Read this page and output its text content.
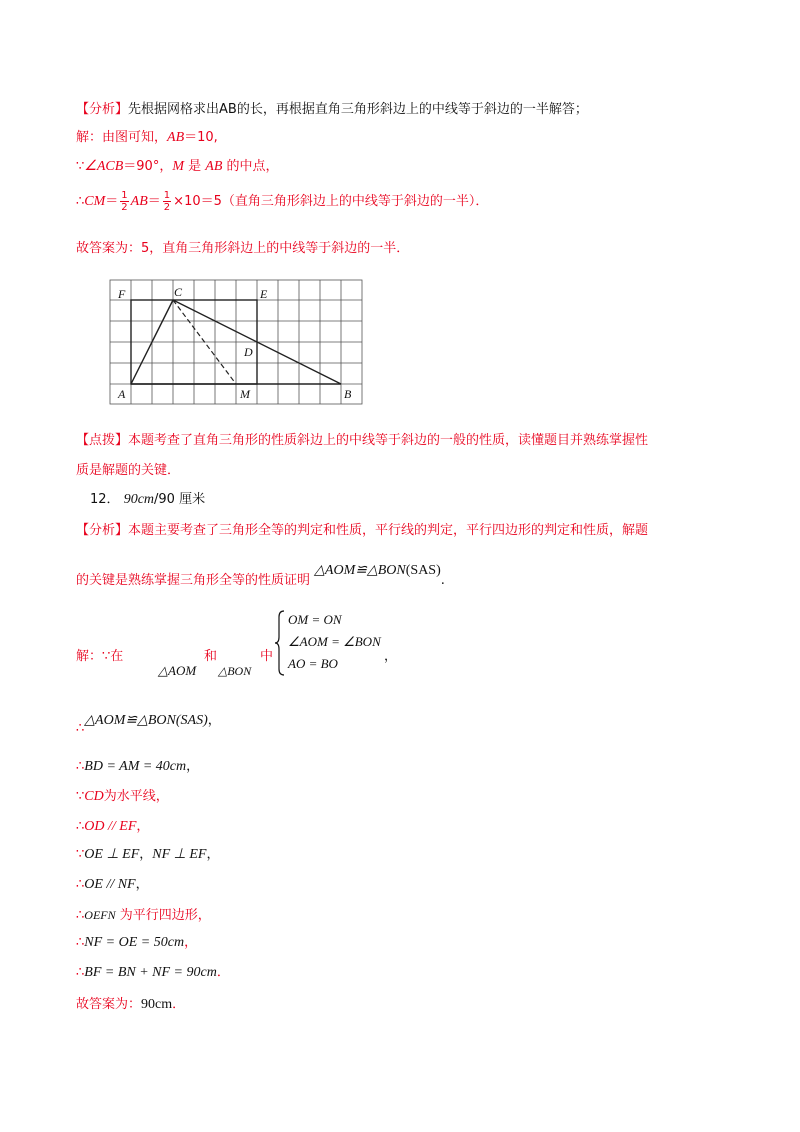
【分析】先根据网格求出AB的长，再根据直角三角形斜边上的中线等于斜边的一半解答；
解：由图可知，AB＝10,
∵∠ACB＝90°，M 是 AB 的中点，
∴CM＝ $\frac{1}{2} AB= \frac{1}{2} \times 10=5$（直角三角形斜边上的中线等于斜边的一半）．
故答案为：5，直角三角形斜边上的中线等于斜边的一半．
F	C	E
D
A	M	B
【点拨】本题考查了直角三角形的性质斜边上的中线等于斜边的一般的性质，读懂题目并熟练掌握性
质是解题的关键．
12． 90cm/90 厘米
【分析】本题主要考查了三角形全等的判定和性质，平行线的判定，平行四边形的判定和性质，解题
的关键是熟练掌握三角形全等的性质证明 △AOM≌△BON(SAS).
解：∵在
△AOM
和
△BON
中
OM = ON
∠AOM = ∠BON
AO = BO	，
∴△AOM≌△BON(SAS)，
∴BD = AM = 40cm，
∵CD为水平线，
∴OD // EF，
∵OE ⊥ EF，NF ⊥ EF，
∴OE // NF，
∴OEFN 为平行四边形，
∴NF = OE = 50cm，
∴BF = BN + NF = 90cm．
故答案为：90cm．
